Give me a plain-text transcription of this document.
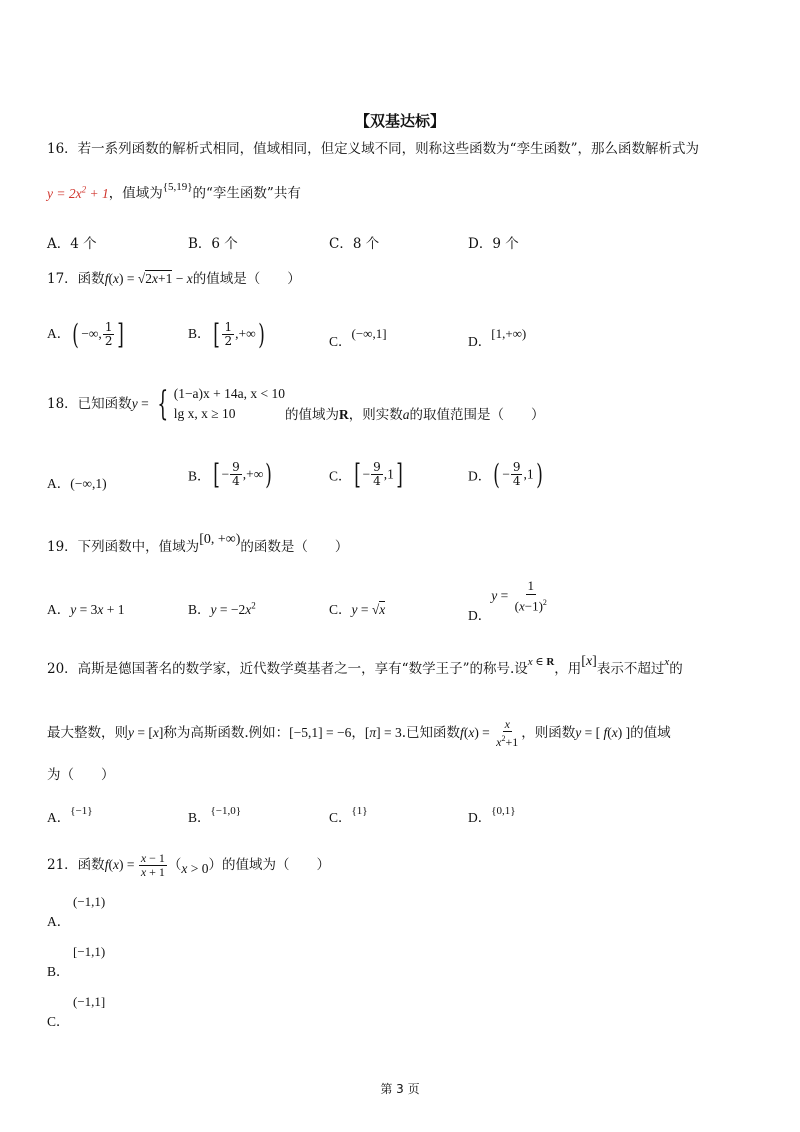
【双基达标】
16．若一系列函数的解析式相同，值域相同，但定义域不同，则称这些函数为“孪生函数”，那么函数解析式为
$y = 2x^2 + 1$，值域为$^{\{5,19\}}$的“孪生函数”共有
A．4 个	B．6 个	C．8 个	D．9 个
17．函数f(x) = √2x+1 − x的值域是（　　）
A．( −∞, $\frac{1}{2}$ ]	B．[ $\frac{1}{2}$ ,+∞)	C．(−∞,1]
D．[1,+∞)
18．已知函数y = { (1−a)x + 14a, x < 10
lg x, x ≥ 10	的值域为R，则实数a的取值范围是（　　）
A．(−∞,1)	B．[ − $\frac{9}{4}$ ,+∞)	C．[ − $\frac{9}{4} ,1$]	D．( − $\frac{9}{4} ,1$)
19．下列函数中，值域为[0, +∞)的函数是（　　）
A．y = 3x + 1	B．$y = -2x^2$	C．y = √x	D．$y = \frac{1}{(x-1)^2}$
20．高斯是德国著名的数学家，近代数学奠基者之一，享有“数学王子”的称号.设$^{x \in R}$，用[x]表示不超过$^x$的
最大整数，则y = [x]称为高斯函数.例如：[−5,1] = −6，[π] = 3.已知函数$f(x) = \frac{x}{x^2+1}$ ，则函数y = [ f(x) ]的值域
为（　　）
A．$^{\{-1\}}$	B．$^{\{-1,0\}}$	C．$^{\{1\}}$	D．$^{\{0,1\}}$
21．函数$f(x) = \frac{x - 1}{x + 1} (x > 0)$的值域为（　　）
(−1,1)
A．
[−1,1)
B．
(−1,1]
C．
第 3 页
